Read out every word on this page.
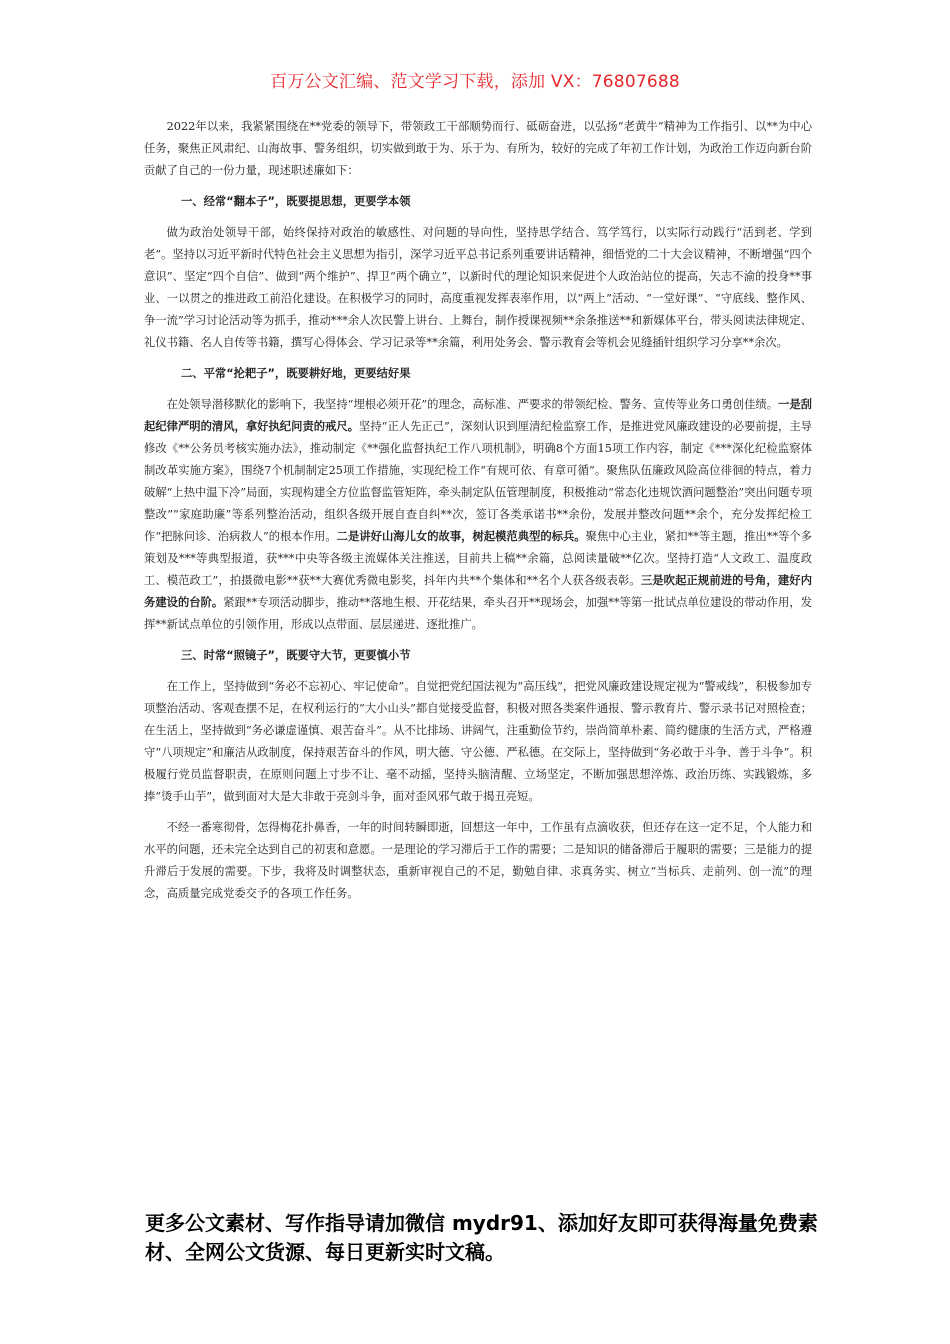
百万公文汇编、范文学习下载，添加 VX：76807688

2022年以来，我紧紧围绕在**党委的领导下，带领政工干部顺势而行、砥砺奋进，以弘扬“老黄牛”精神为工作指引、以**为中心任务，聚焦正风肃纪、山海故事、警务组织，切实做到敢于为、乐于为、有所为，较好的完成了年初工作计划，为政治工作迈向新台阶贡献了自己的一份力量，现述职述廉如下：

一、经常“翻本子”，既要提思想，更要学本领

做为政治处领导干部，始终保持对政治的敏感性、对问题的导向性，坚持思学结合、笃学笃行，以实际行动践行“活到老、学到老”。坚持以习近平新时代特色社会主义思想为指引，深学习近平总书记系列重要讲话精神，细悟党的二十大会议精神，不断增强“四个意识”、坚定“四个自信”、做到“两个维护”、捍卫“两个确立”，以新时代的理论知识来促进个人政治站位的提高，矢志不渝的投身**事业、一以贯之的推进政工前沿化建设。在积极学习的同时，高度重视发挥表率作用，以“两上”活动、“一堂好课”、“守底线、整作风、争一流”学习讨论活动等为抓手，推动***余人次民警上讲台、上舞台，制作授课视频**余条推送**和新媒体平台，带头阅读法律规定、礼仪书籍、名人自传等书籍，撰写心得体会、学习记录等**余篇，利用处务会、警示教育会等机会见缝插针组织学习分享**余次。

二、平常“抡耙子”，既要耕好地，更要结好果

在处领导潜移默化的影响下，我坚持“埋根必须开花”的理念，高标准、严要求的带领纪检、警务、宣传等业务口勇创佳绩。一是刮起纪律严明的清风，拿好执纪问责的戒尺。坚持“正人先正己”，深刻认识到厘清纪检监察工作，是推进党风廉政建设的必要前提，主导修改《**公务员考核实施办法》，推动制定《**强化监督执纪工作八项机制》，明确8个方面15项工作内容，制定《***深化纪检监察体制改革实施方案》，围绕7个机制制定25项工作措施，实现纪检工作“有规可依、有章可循”。聚焦队伍廉政风险高位徘徊的特点，着力破解“上热中温下冷”局面，实现构建全方位监督监管矩阵，牵头制定队伍管理制度，积极推动“常态化违规饮酒问题整治”突出问题专项整改”“家庭助廉”等系列整治活动，组织各级开展自查自纠**次，签订各类承诺书**余份，发展并整改问题**余个，充分发挥纪检工作“把脉问诊、治病救人”的根本作用。二是讲好山海儿女的故事，树起模范典型的标兵。聚焦中心主业，紧扣**等主题，推出**等个多策划及***等典型报道，获***中央等各级主流媒体关注推送，目前共上稿**余篇，总阅读量破**亿次。坚持打造“人文政工、温度政工、模范政工”，拍摄微电影**获**大赛优秀微电影奖，抖年内共**个集体和**名个人获各级表彰。三是吹起正规前进的号角，建好内务建设的台阶。紧跟**专项活动脚步，推动**落地生根、开花结果，牵头召开**现场会，加强**等第一批试点单位建设的带动作用，发挥**新试点单位的引领作用，形成以点带面、层层递进、逐批推广。

三、时常“照镜子”，既要守大节，更要慎小节

在工作上，坚持做到“务必不忘初心、牢记使命”。自觉把党纪国法视为“高压线”，把党风廉政建设规定视为“警戒线”，积极参加专项整治活动、客观查摆不足，在权利运行的“大小山头”都自觉接受监督，积极对照各类案件通报、警示教育片、警示录书记对照检查；在生活上，坚持做到“务必谦虚谨慎、艰苦奋斗”。从不比排场、讲阔气，注重勤俭节约，崇尚简单朴素、简约健康的生活方式，严格遵守“八项规定”和廉洁从政制度，保持艰苦奋斗的作风，明大德、守公德、严私德。在交际上，坚持做到“务必敢于斗争、善于斗争”。积极履行党员监督职责，在原则问题上寸步不让、毫不动摇，坚持头脑清醒、立场坚定，不断加强思想淬炼、政治历练、实践锻炼，多捧“烫手山芋”，做到面对大是大非敢于亮剑斗争，面对歪风邪气敢于揭丑亮短。

不经一番寒彻骨，怎得梅花扑鼻香，一年的时间转瞬即逝，回想这一年中，工作虽有点滴收获，但还存在这一定不足，个人能力和水平的问题，还未完全达到自己的初衷和意愿。一是理论的学习滞后于工作的需要；二是知识的储备滞后于履职的需要；三是能力的提升滞后于发展的需要。下步，我将及时调整状态，重新审视自己的不足，勤勉自律、求真务实、树立“当标兵、走前列、创一流”的理念，高质量完成党委交予的各项工作任务。

更多公文素材、写作指导请加微信 mydr91、添加好友即可获得海量免费素材、全网公文货源、每日更新实时文稿。
